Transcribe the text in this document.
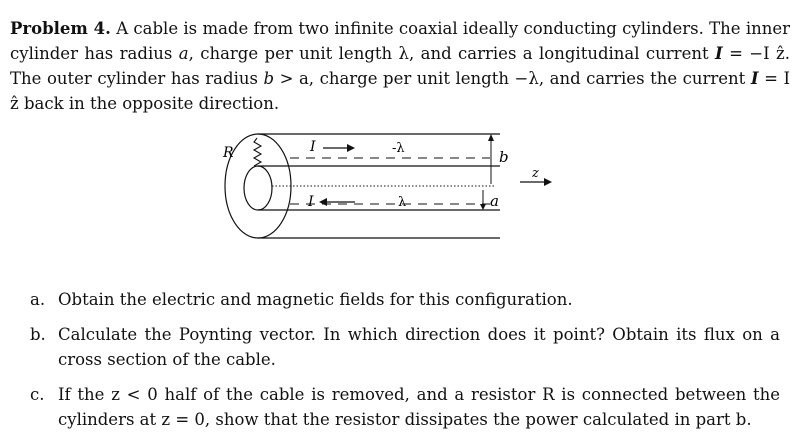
Problem 4. A cable is made from two infinite coaxial ideally conducting cylinders. The inner cylinder has radius a, charge per unit length λ, and carries a longitudinal current I = −I ẑ. The outer cylinder has radius b > a, charge per unit length −λ, and carries the current I = I ẑ back in the opposite direction.
R	I
I
-λ
λ
b
a
z
a. Obtain the electric and magnetic fields for this configuration.
b. Calculate the Poynting vector. In which direction does it point? Obtain its flux on a cross section of the cable.
c. If the z < 0 half of the cable is removed, and a resistor R is connected between the cylinders at z = 0, show that the resistor dissipates the power calculated in part b.
